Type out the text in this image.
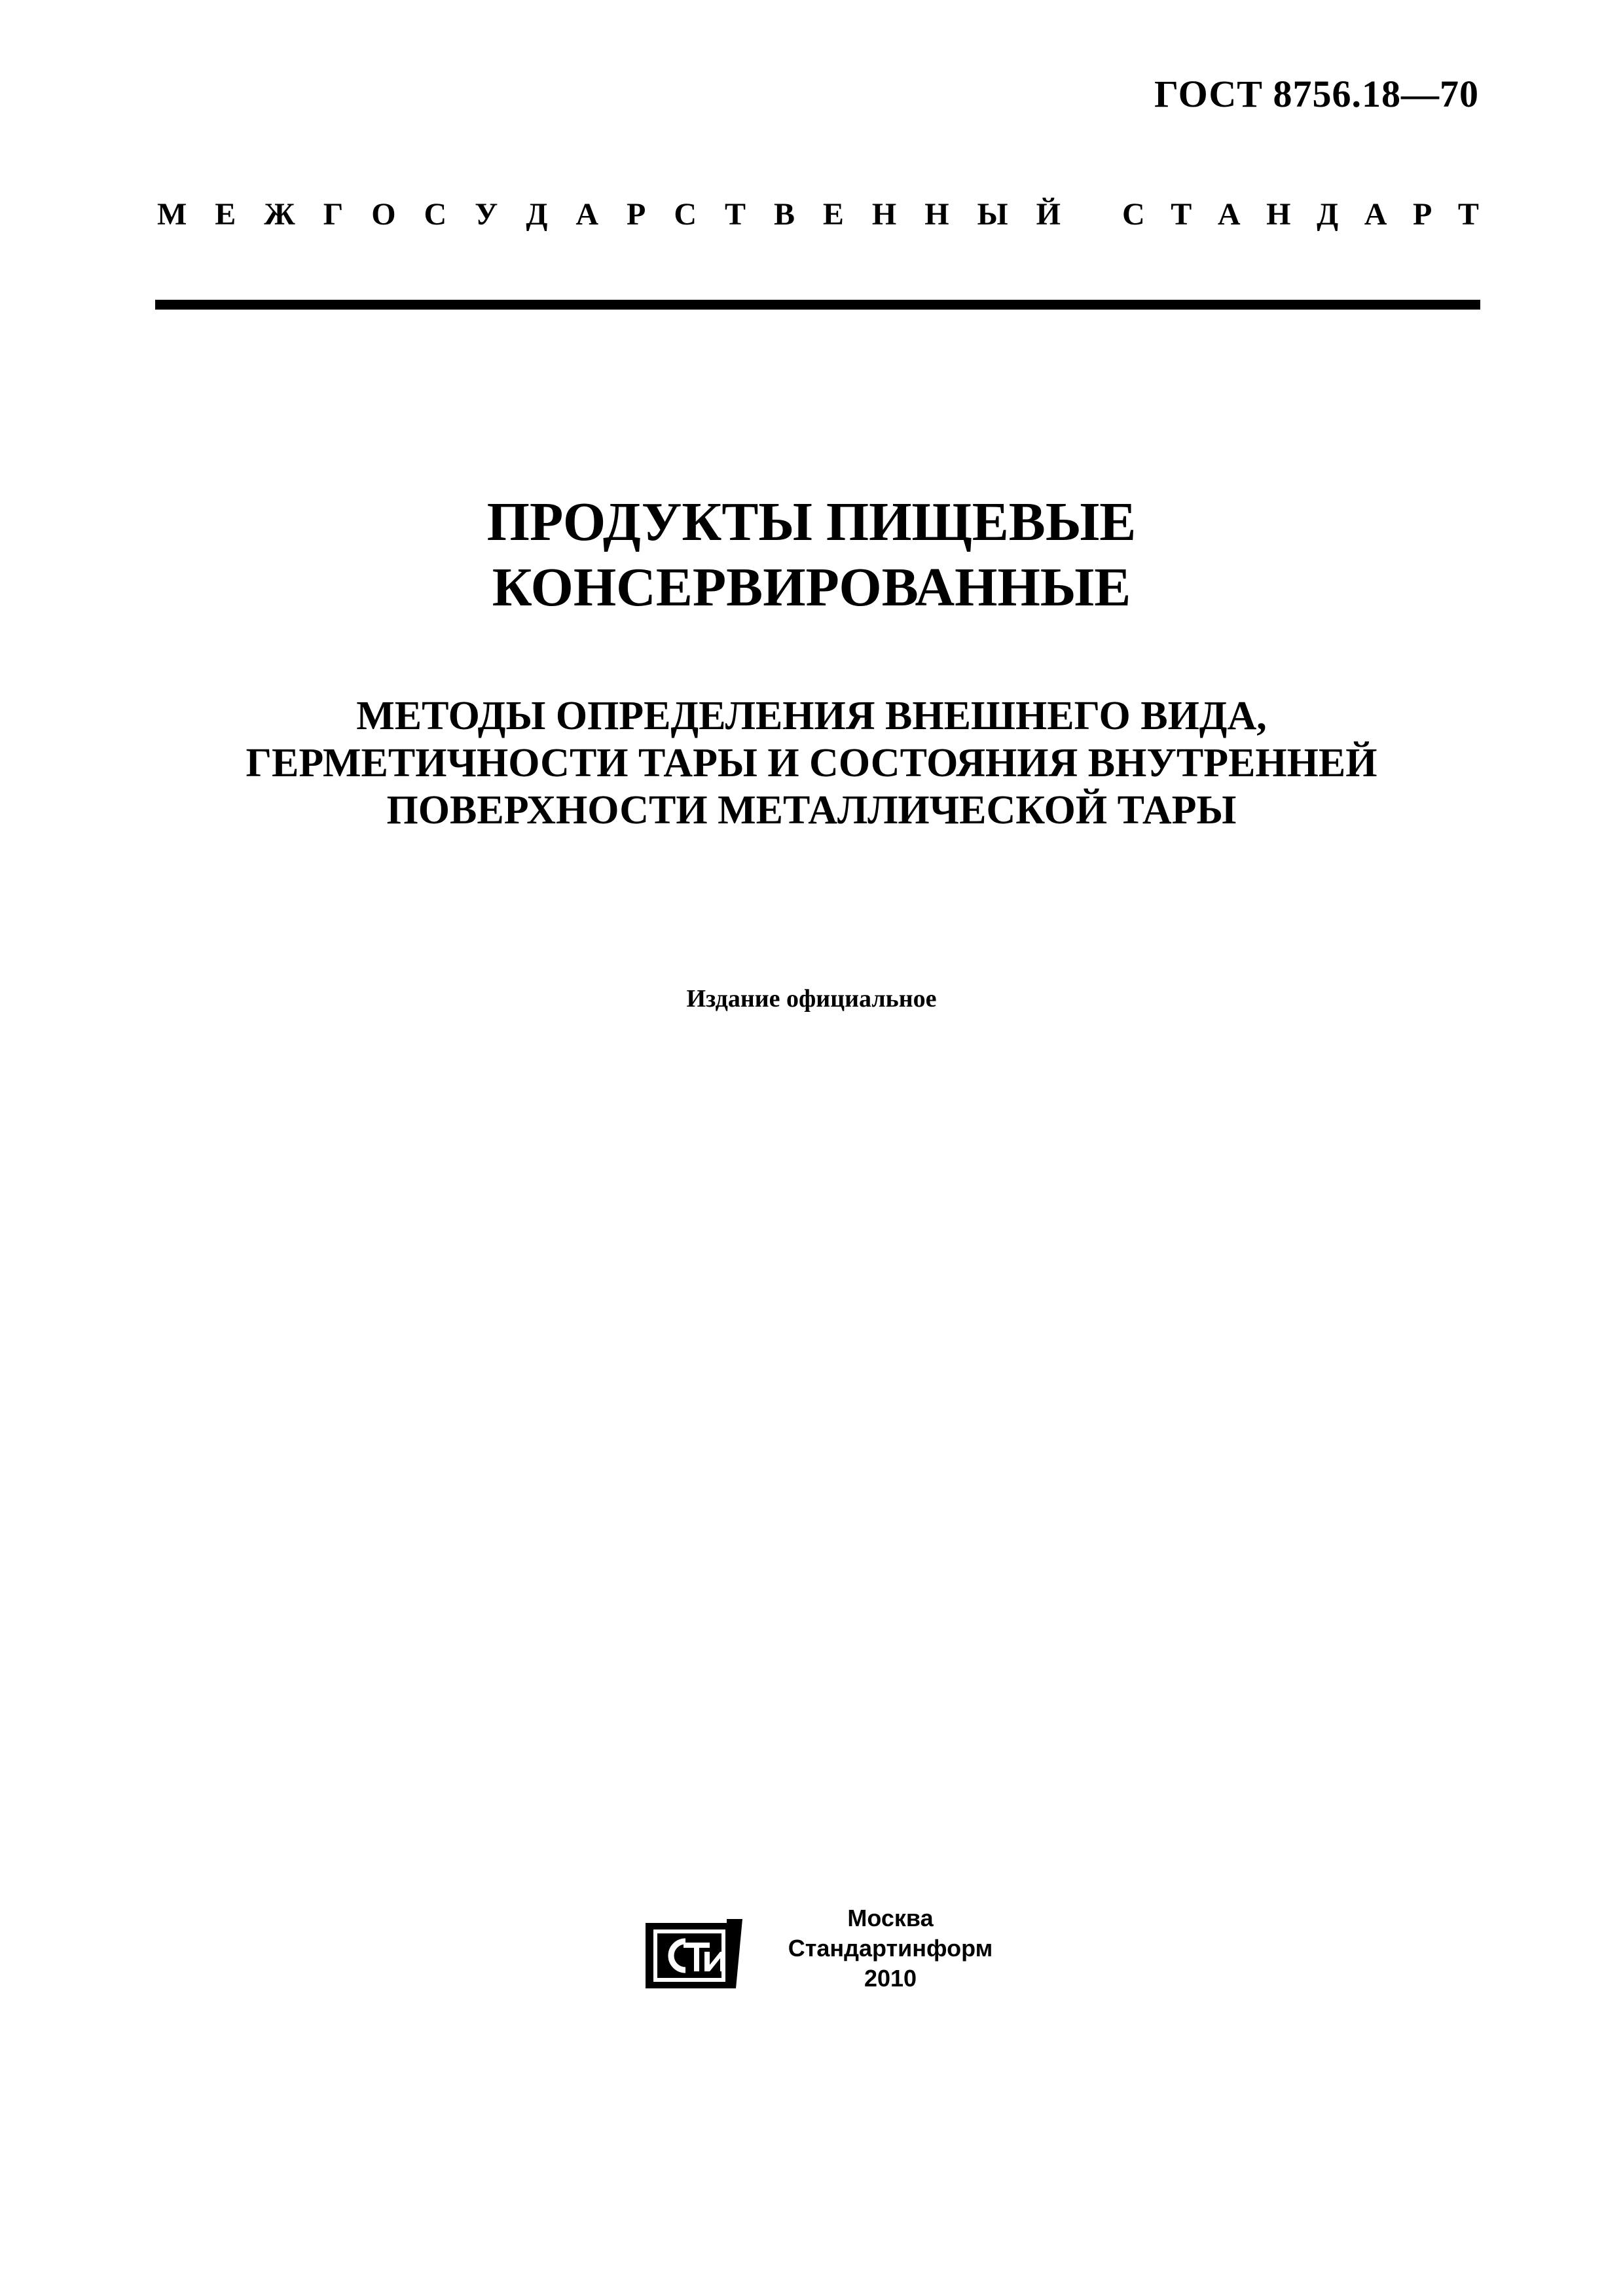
ГОСТ 8756.18—70
М Е Ж Г О С У Д А Р С Т В Е Н Н Ы Й С Т А Н Д А Р Т
ПРОДУКТЫ ПИЩЕВЫЕ
КОНСЕРВИРОВАННЫЕ
МЕТОДЫ ОПРЕДЕЛЕНИЯ ВНЕШНЕГО ВИДА,
ГЕРМЕТИЧНОСТИ ТАРЫ И СОСТОЯНИЯ ВНУТРЕННЕЙ
ПОВЕРХНОСТИ МЕТАЛЛИЧЕСКОЙ ТАРЫ
Издание официальное
Москва
Стандартинформ
2010
